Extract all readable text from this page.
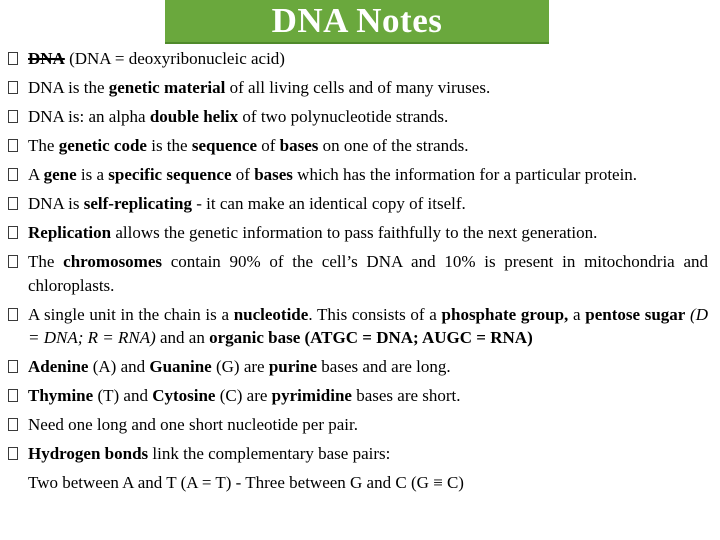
DNA Notes
DNA (DNA = deoxyribonucleic acid)
DNA is the genetic material of all living cells and of many viruses.
DNA is: an alpha double helix of two polynucleotide strands.
The genetic code is the sequence of bases on one of the strands.
A gene is a specific sequence of bases which has the information for a particular protein.
DNA is self-replicating - it can make an identical copy of itself.
Replication allows the genetic information to pass faithfully to the next generation.
The chromosomes contain 90% of the cell’s DNA and 10% is present in mitochondria and chloroplasts.
A single unit in the chain is a nucleotide. This consists of a phosphate group, a pentose sugar (D = DNA; R = RNA) and an organic base (ATGC = DNA; AUGC = RNA)
Adenine (A) and Guanine (G) are purine bases and are long.
Thymine (T) and Cytosine (C) are pyrimidine bases are short.
Need one long and one short nucleotide per pair.
Hydrogen bonds link the complementary base pairs:
Two between A and T (A = T) - Three between G and C (G ≡ C)
